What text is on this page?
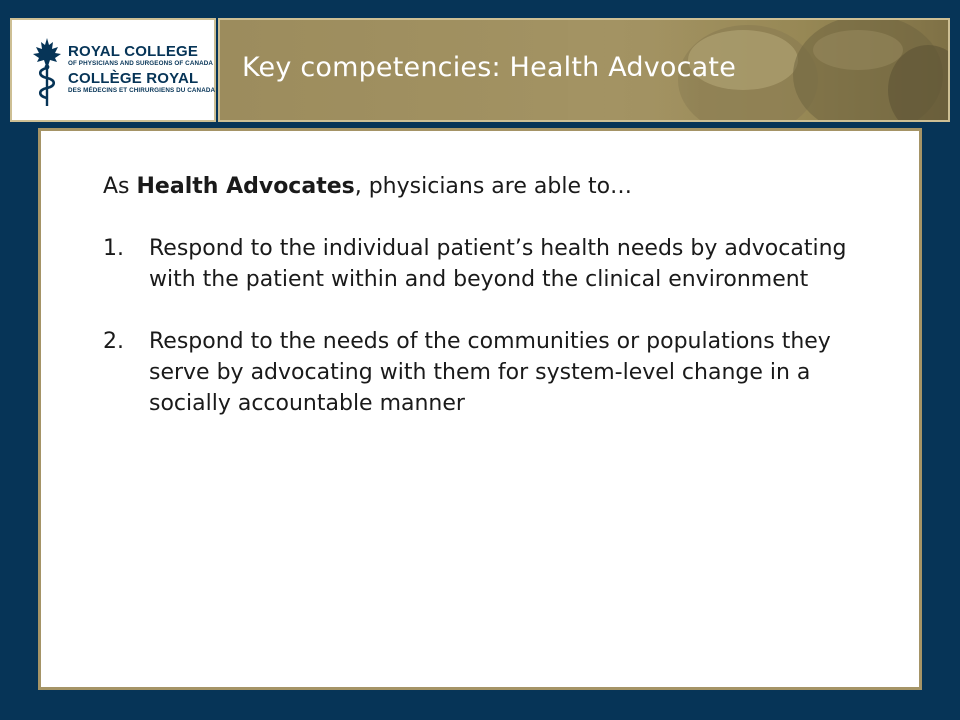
ROYAL COLLEGE
OF PHYSICIANS AND SURGEONS OF CANADA
COLLÈGE ROYAL
DES MÉDECINS ET CHIRURGIENS DU CANADA
Key competencies: Health Advocate

As Health Advocates, physicians are able to…

1.	Respond to the individual patient’s health needs by advocating with the patient within and beyond the clinical environment
2.	Respond to the needs of the communities or populations they serve by advocating with them for system-level change in a socially accountable manner
